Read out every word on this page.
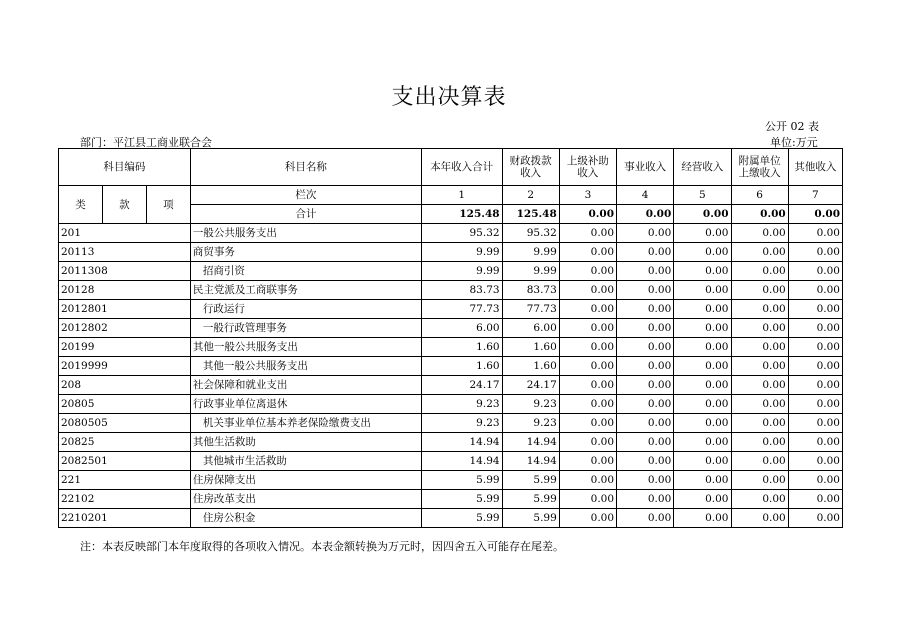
支出决算表
公开 02 表
部门：平江县工商业联合会	单位:万元
科目编码			科目名称	本年收入合计	财政拨款收入	上级补助收入	事业收入	经营收入	附属单位上缴收入	其他收入
类	款	项	栏次	1	2	3	4	5	6	7
			合计	125.48	125.48	0.00	0.00	0.00	0.00	0.00
201			一般公共服务支出	95.32	95.32	0.00	0.00	0.00	0.00	0.00
20113			商贸事务	9.99	9.99	0.00	0.00	0.00	0.00	0.00
2011308			招商引资	9.99	9.99	0.00	0.00	0.00	0.00	0.00
20128			民主党派及工商联事务	83.73	83.73	0.00	0.00	0.00	0.00	0.00
2012801			行政运行	77.73	77.73	0.00	0.00	0.00	0.00	0.00
2012802			一般行政管理事务	6.00	6.00	0.00	0.00	0.00	0.00	0.00
20199			其他一般公共服务支出	1.60	1.60	0.00	0.00	0.00	0.00	0.00
2019999			其他一般公共服务支出	1.60	1.60	0.00	0.00	0.00	0.00	0.00
208			社会保障和就业支出	24.17	24.17	0.00	0.00	0.00	0.00	0.00
20805			行政事业单位离退休	9.23	9.23	0.00	0.00	0.00	0.00	0.00
2080505			机关事业单位基本养老保险缴费支出	9.23	9.23	0.00	0.00	0.00	0.00	0.00
20825			其他生活救助	14.94	14.94	0.00	0.00	0.00	0.00	0.00
2082501			其他城市生活救助	14.94	14.94	0.00	0.00	0.00	0.00	0.00
221			住房保障支出	5.99	5.99	0.00	0.00	0.00	0.00	0.00
22102			住房改革支出	5.99	5.99	0.00	0.00	0.00	0.00	0.00
2210201			住房公积金	5.99	5.99	0.00	0.00	0.00	0.00	0.00
注：本表反映部门本年度取得的各项收入情况。本表金额转换为万元时，因四舍五入可能存在尾差。
